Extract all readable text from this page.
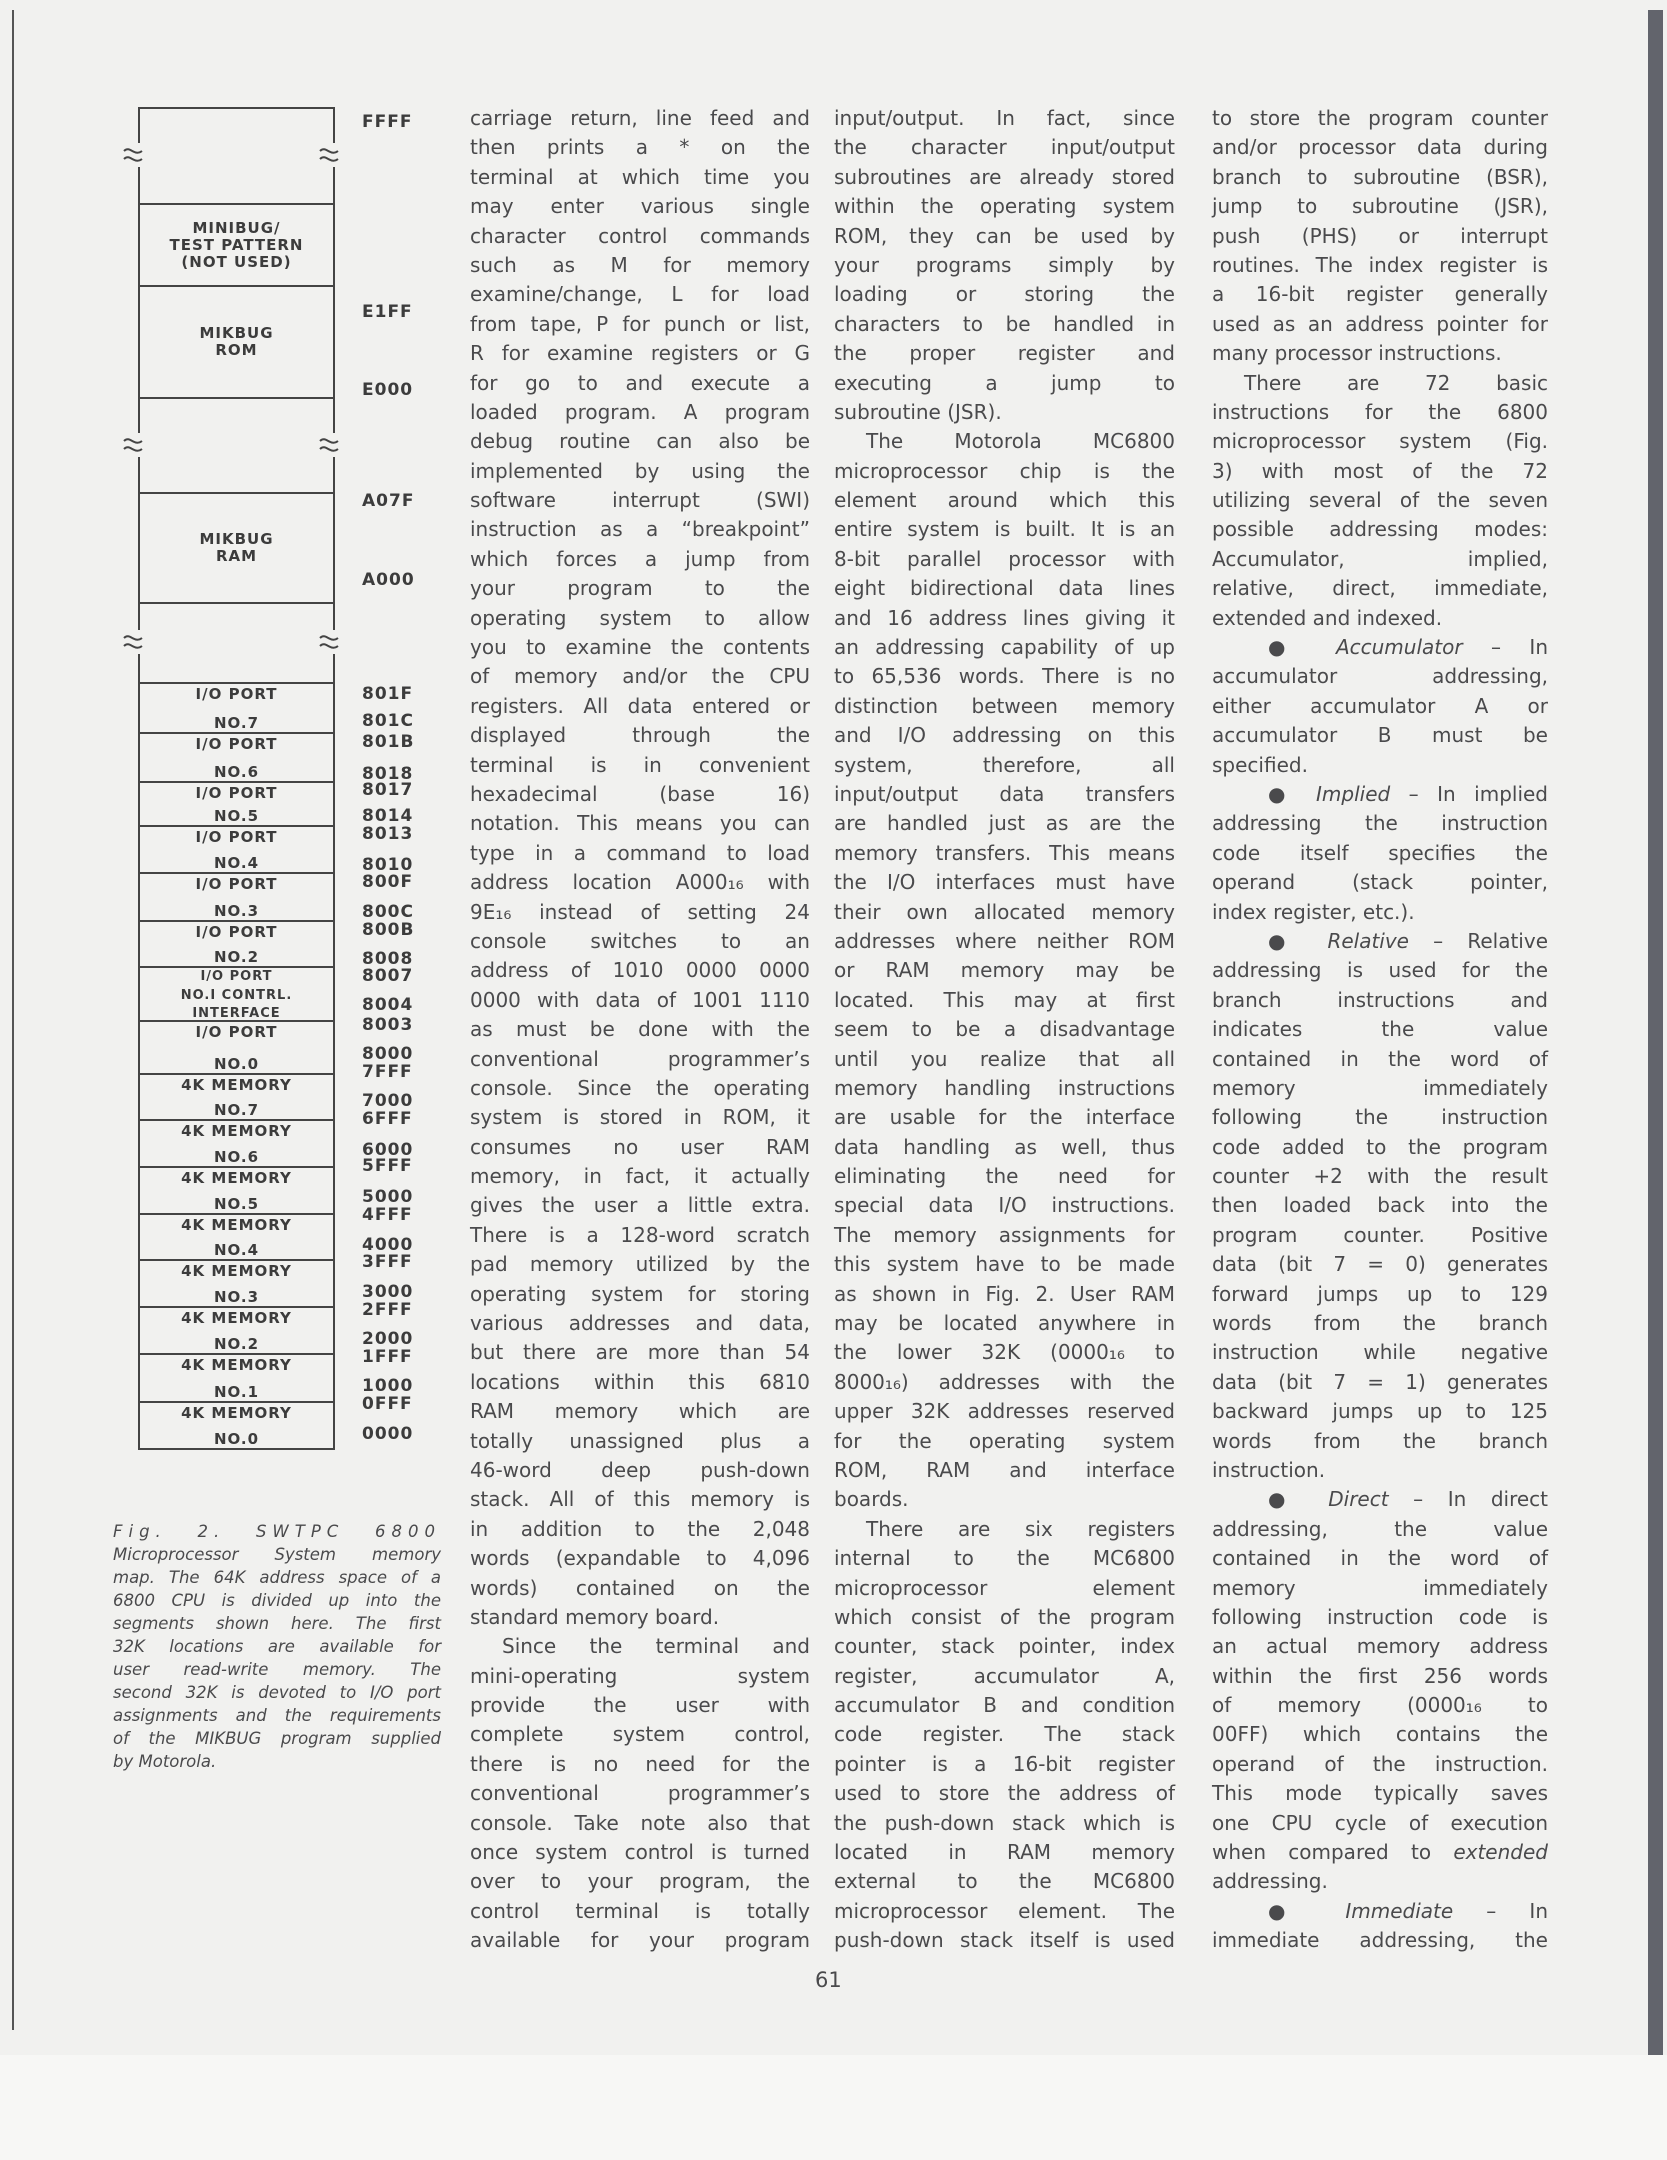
MINIBUG/
TEST PATTERN
(NOT USED)
MIKBUG
ROM
MIKBUG
RAM
I/O PORT
NO.7
I/O PORT
NO.6
I/O PORT
NO.5
I/O PORT
NO.4
I/O PORT
NO.3
I/O PORT
NO.2
I/O PORT
NO.I CONTRL.
INTERFACE
I/O PORT
NO.0
4K MEMORY
NO.7
4K MEMORY
NO.6
4K MEMORY
NO.5
4K MEMORY
NO.4
4K MEMORY
NO.3
4K MEMORY
NO.2
4K MEMORY
NO.1
4K MEMORY
NO.0
FFFF
E1FF
E000
A07F
A000
801F
801C
801B
8018
8017
8014
8013
8010
800F
800C
800B
8008
8007
8004
8003
8000
7FFF
7000
6FFF
6000
5FFF
5000
4FFF
4000
3FFF
3000
2FFF
2000
1FFF
1000
0FFF
0000
Fig. 2. SWTPC 6800
Microprocessor System memory
map. The 64K address space of a
6800 CPU is divided up into the
segments shown here. The first
32K locations are available for
user read-write memory. The
second 32K is devoted to I/O port
assignments and the requirements
of the MIKBUG program supplied
by Motorola.
carriage return, line feed and
then prints a * on the
terminal at which time you
may enter various single
character control commands
such as M for memory
examine/change, L for load
from tape, P for punch or list,
R for examine registers or G
for go to and execute a
loaded program. A program
debug routine can also be
implemented by using the
software interrupt (SWI)
instruction as a “breakpoint”
which forces a jump from
your program to the
operating system to allow
you to examine the contents
of memory and/or the CPU
registers. All data entered or
displayed through the
terminal is in convenient
hexadecimal (base 16)
notation. This means you can
type in a command to load
address location A000₁₆ with
9E₁₆ instead of setting 24
console switches to an
address of 1010 0000 0000
0000 with data of 1001 1110
as must be done with the
conventional programmer’s
console. Since the operating
system is stored in ROM, it
consumes no user RAM
memory, in fact, it actually
gives the user a little extra.
There is a 128-word scratch
pad memory utilized by the
operating system for storing
various addresses and data,
but there are more than 54
locations within this 6810
RAM memory which are
totally unassigned plus a
46-word deep push-down
stack. All of this memory is
in addition to the 2,048
words (expandable to 4,096
words) contained on the
standard memory board.
Since the terminal and
mini-operating system
provide the user with
complete system control,
there is no need for the
conventional programmer’s
console. Take note also that
once system control is turned
over to your program, the
control terminal is totally
available for your program
input/output. In fact, since
the character input/output
subroutines are already stored
within the operating system
ROM, they can be used by
your programs simply by
loading or storing the
characters to be handled in
the proper register and
executing a jump to
subroutine (JSR).
The Motorola MC6800
microprocessor chip is the
element around which this
entire system is built. It is an
8-bit parallel processor with
eight bidirectional data lines
and 16 address lines giving it
an addressing capability of up
to 65,536 words. There is no
distinction between memory
and I/O addressing on this
system, therefore, all
input/output data transfers
are handled just as are the
memory transfers. This means
the I/O interfaces must have
their own allocated memory
addresses where neither ROM
or RAM memory may be
located. This may at first
seem to be a disadvantage
until you realize that all
memory handling instructions
are usable for the interface
data handling as well, thus
eliminating the need for
special data I/O instructions.
The memory assignments for
this system have to be made
as shown in Fig. 2. User RAM
may be located anywhere in
the lower 32K (0000₁₆ to
8000₁₆) addresses with the
upper 32K addresses reserved
for the operating system
ROM, RAM and interface
boards.
There are six registers
internal to the MC6800
microprocessor element
which consist of the program
counter, stack pointer, index
register, accumulator A,
accumulator B and condition
code register. The stack
pointer is a 16-bit register
used to store the address of
the push-down stack which is
located in RAM memory
external to the MC6800
microprocessor element. The
push-down stack itself is used
to store the program counter
and/or processor data during
branch to subroutine (BSR),
jump to subroutine (JSR),
push (PHS) or interrupt
routines. The index register is
a 16-bit register generally
used as an address pointer for
many processor instructions.
There are 72 basic
instructions for the 6800
microprocessor system (Fig.
3) with most of the 72
utilizing several of the seven
possible addressing modes:
Accumulator, implied,
relative, direct, immediate,
extended and indexed.
● Accumulator – In
accumulator addressing,
either accumulator A or
accumulator B must be
specified.
● Implied – In implied
addressing the instruction
code itself specifies the
operand (stack pointer,
index register, etc.).
● Relative – Relative
addressing is used for the
branch instructions and
indicates the value
contained in the word of
memory immediately
following the instruction
code added to the program
counter +2 with the result
then loaded back into the
program counter. Positive
data (bit 7 = 0) generates
forward jumps up to 129
words from the branch
instruction while negative
data (bit 7 = 1) generates
backward jumps up to 125
words from the branch
instruction.
● Direct – In direct
addressing, the value
contained in the word of
memory immediately
following instruction code is
an actual memory address
within the first 256 words
of memory (0000₁₆ to
00FF) which contains the
operand of the instruction.
This mode typically saves
one CPU cycle of execution
when compared to extended
addressing.
● Immediate – In
immediate addressing, the
61
